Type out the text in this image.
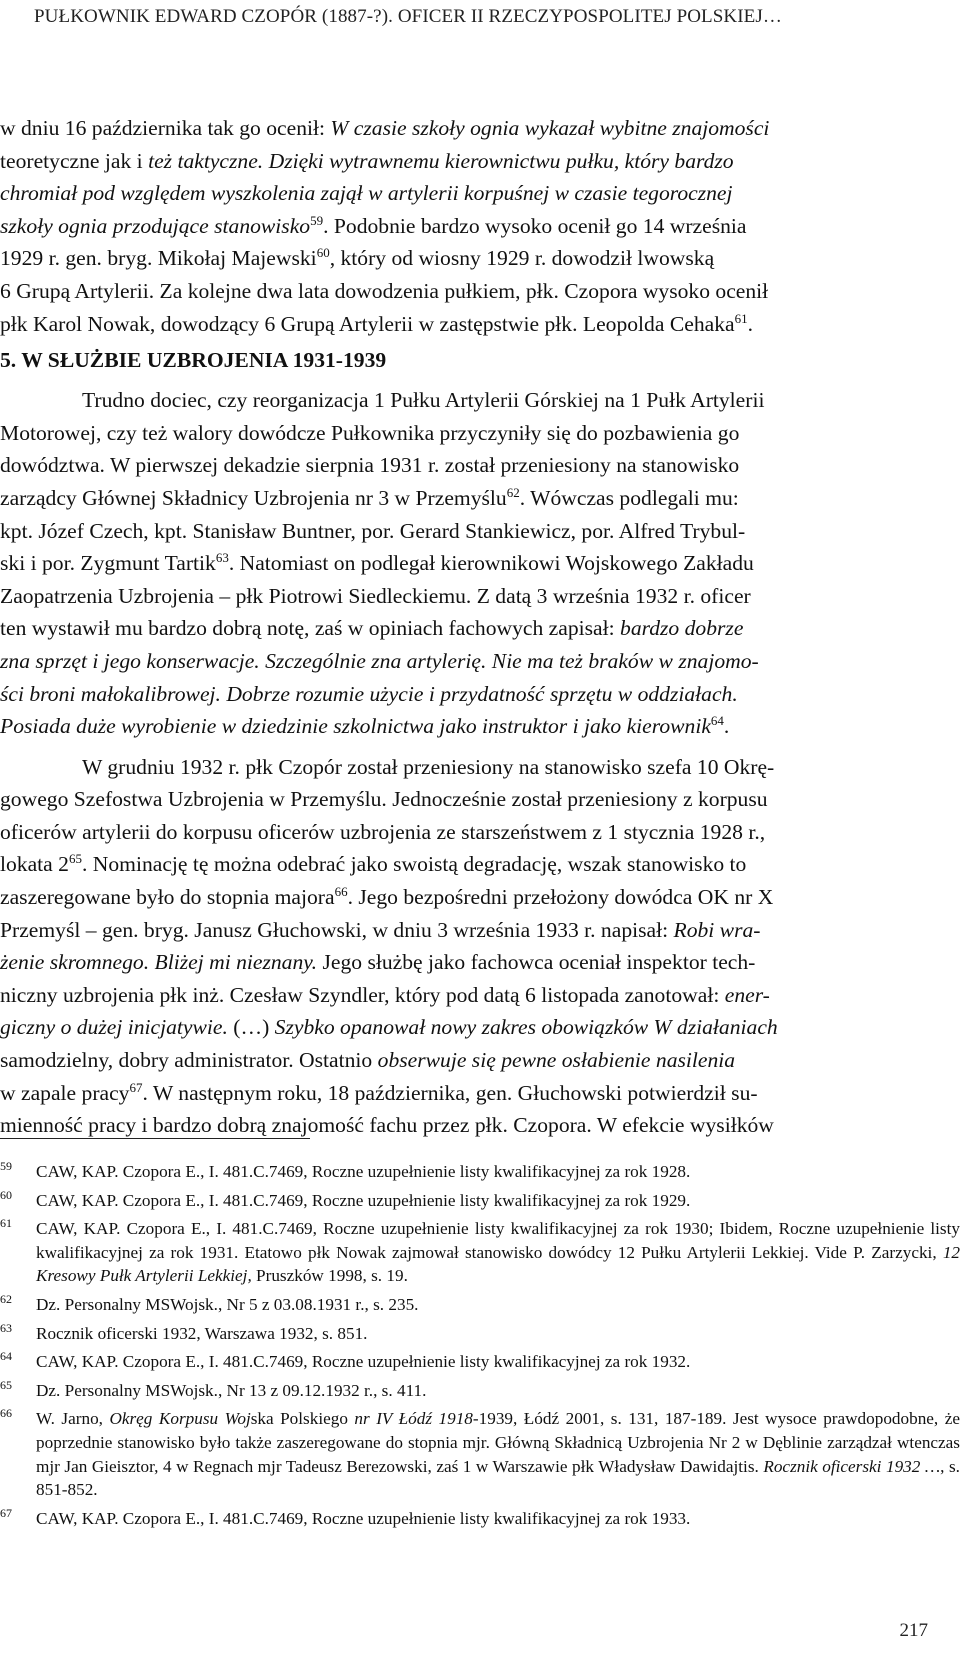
PUŁKOWNIK EDWARD CZOPÓR (1887-?). OFICER II RZECZYPOSPOLITEJ POLSKIEJ…

w dniu 16 października tak go ocenił: W czasie szkoły ognia wykazał wybitne znajomości
teoretyczne jak i też taktyczne. Dzięki wytrawnemu kierownictwu pułku, który bardzo
chromiał pod względem wyszkolenia zajął w artylerii korpuśnej w czasie tegorocznej
szkoły ognia przodujące stanowisko$^{59}$. Podobnie bardzo wysoko ocenił go 14 września
1929 r. gen. bryg. Mikołaj Majewski$^{60}$, który od wiosny 1929 r. dowodził lwowską
6 Grupą Artylerii. Za kolejne dwa lata dowodzenia pułkiem, płk. Czopora wysoko ocenił
płk Karol Nowak, dowodzący 6 Grupą Artylerii w zastępstwie płk. Leopolda Cehaka$^{61}$.

5. W SŁUŻBIE UZBROJENIA 1931-1939

Trudno dociec, czy reorganizacja 1 Pułku Artylerii Górskiej na 1 Pułk Artylerii
Motorowej, czy też walory dowódcze Pułkownika przyczyniły się do pozbawienia go
dowództwa. W pierwszej dekadzie sierpnia 1931 r. został przeniesiony na stanowisko
zarządcy Głównej Składnicy Uzbrojenia nr 3 w Przemyślu$^{62}$. Wówczas podlegali mu:
kpt. Józef Czech, kpt. Stanisław Buntner, por. Gerard Stankiewicz, por. Alfred Trybul-
ski i por. Zygmunt Tartik$^{63}$. Natomiast on podlegał kierownikowi Wojskowego Zakładu
Zaopatrzenia Uzbrojenia – płk Piotrowi Siedleckiemu. Z datą 3 września 1932 r. oficer
ten wystawił mu bardzo dobrą notę, zaś w opiniach fachowych zapisał: bardzo dobrze
zna sprzęt i jego konserwacje. Szczególnie zna artylerię. Nie ma też braków w znajomo-
ści broni małokalibrowej. Dobrze rozumie użycie i przydatność sprzętu w oddziałach.
Posiada duże wyrobienie w dziedzinie szkolnictwa jako instruktor i jako kierownik$^{64}$.

W grudniu 1932 r. płk Czopór został przeniesiony na stanowisko szefa 10 Okrę-
gowego Szefostwa Uzbrojenia w Przemyślu. Jednocześnie został przeniesiony z korpusu
oficerów artylerii do korpusu oficerów uzbrojenia ze starszeństwem z 1 stycznia 1928 r.,
lokata $2^{65}$. Nominację tę można odebrać jako swoistą degradację, wszak stanowisko to
zaszeregowane było do stopnia majora$^{66}$. Jego bezpośredni przełożony dowódca OK nr X
Przemyśl – gen. bryg. Janusz Głuchowski, w dniu 3 września 1933 r. napisał: Robi wra-
żenie skromnego. Bliżej mi nieznany. Jego służbę jako fachowca oceniał inspektor tech-
niczny uzbrojenia płk inż. Czesław Szyndler, który pod datą 6 listopada zanotował: ener-
giczny o dużej inicjatywie. (…) Szybko opanował nowy zakres obowiązków W działaniach
samodzielny, dobry administrator. Ostatnio obserwuje się pewne osłabienie nasilenia
w zapale pracy$^{67}$. W następnym roku, 18 października, gen. Głuchowski potwierdził su-
mienność pracy i bardzo dobrą znajomość fachu przez płk. Czopora. W efekcie wysiłków

59 CAW, KAP. Czopora E., I. 481.C.7469, Roczne uzupełnienie listy kwalifikacyjnej za rok 1928.
60 CAW, KAP. Czopora E., I. 481.C.7469, Roczne uzupełnienie listy kwalifikacyjnej za rok 1929.
61 CAW, KAP. Czopora E., I. 481.C.7469, Roczne uzupełnienie listy kwalifikacyjnej za rok 1930; Ibidem, Roczne uzupełnienie listy kwalifikacyjnej za rok 1931. Etatowo płk Nowak zajmował stanowisko dowódcy 12 Pułku Artylerii Lekkiej. Vide P. Zarzycki, 12 Kresowy Pułk Artylerii Lekkiej, Pruszków 1998, s. 19.
62 Dz. Personalny MSWojsk., Nr 5 z 03.08.1931 r., s. 235.
63 Rocznik oficerski 1932, Warszawa 1932, s. 851.
64 CAW, KAP. Czopora E., I. 481.C.7469, Roczne uzupełnienie listy kwalifikacyjnej za rok 1932.
65 Dz. Personalny MSWojsk., Nr 13 z 09.12.1932 r., s. 411.
66 W. Jarno, Okręg Korpusu Wojska Polskiego nr IV Łódź 1918-1939, Łódź 2001, s. 131, 187-189. Jest wysoce prawdopodobne, że poprzednie stanowisko było także zaszeregowane do stopnia mjr. Główną Składnicą Uzbrojenia Nr 2 w Dęblinie zarządzał wtenczas mjr Jan Gieisztor, 4 w Regnach mjr Tadeusz Berezowski, zaś 1 w Warszawie płk Władysław Dawidajtis. Rocznik oficerski 1932 …, s. 851-852.
67 CAW, KAP. Czopora E., I. 481.C.7469, Roczne uzupełnienie listy kwalifikacyjnej za rok 1933.
217
